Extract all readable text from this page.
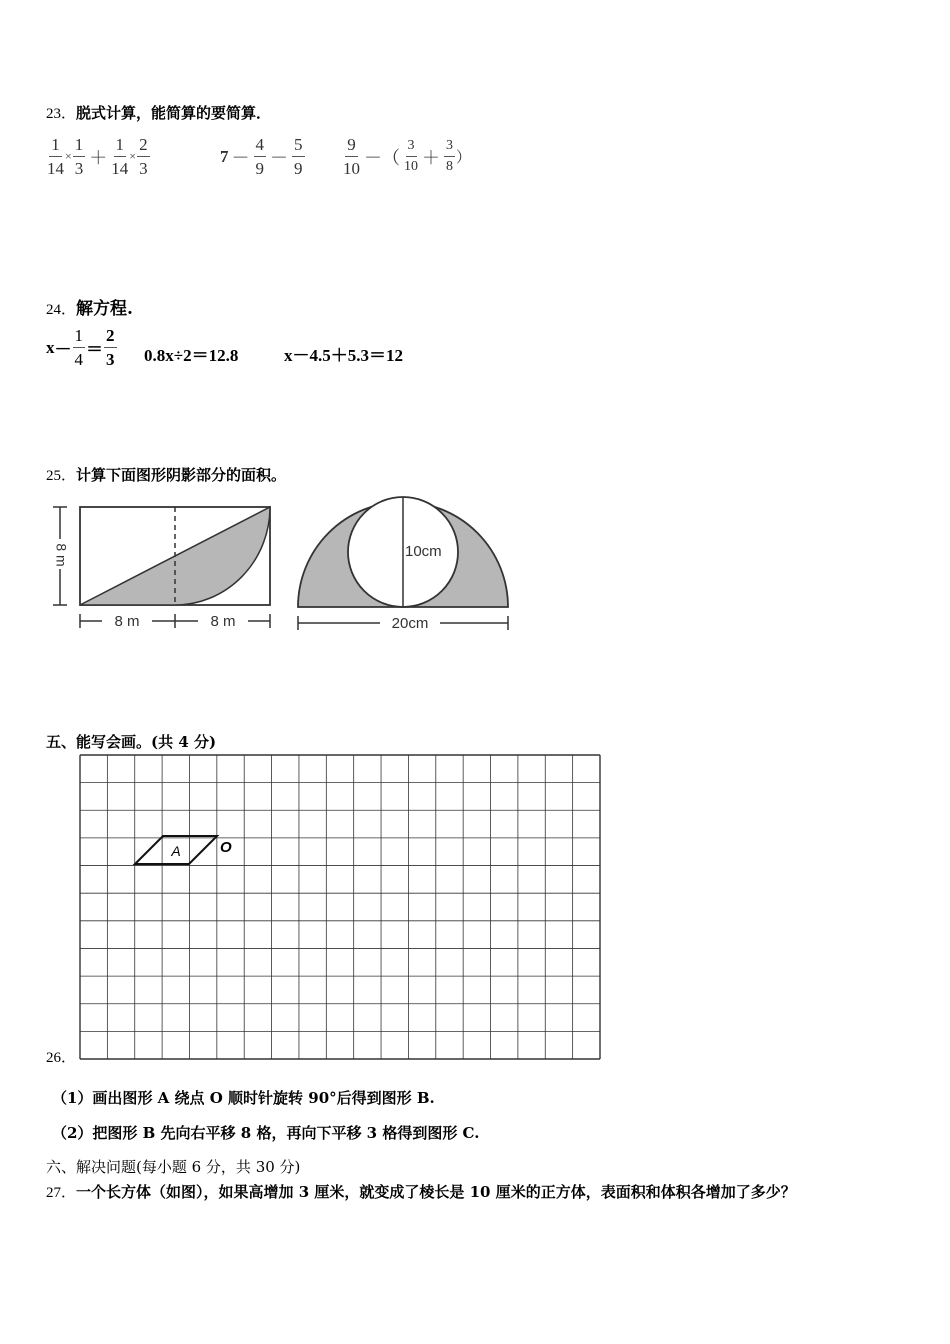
23．脱式计算，能简算的要简算．
$\frac{1}{14} \times \frac{1}{3} + \frac{1}{14} \times \frac{2}{3}$	$7 - \frac{4}{9} - \frac{5}{9} \frac{9}{10}$ －（ $\frac{3}{10} + \frac{3}{8}$ ）
24．解方程.
$x - \frac{1}{4} = \frac{2}{3} 0.8x\div 2=12.8$	x－4.5＋5.3＝12
25．计算下面图形阴影部分的面积。
8 m
8 m	8 m
10cm
20cm
五、能写会画。(共 4 分)
26．
A	O
（1）画出图形 A 绕点 O 顺时针旋转 90°后得到图形 B.
（2）把图形 B 先向右平移 8 格，再向下平移 3 格得到图形 C.
六、解决问题(每小题 6 分，共 30 分)
27．一个长方体（如图），如果高增加 3 厘米，就变成了棱长是 10 厘米的正方体，表面积和体积各增加了多少？
